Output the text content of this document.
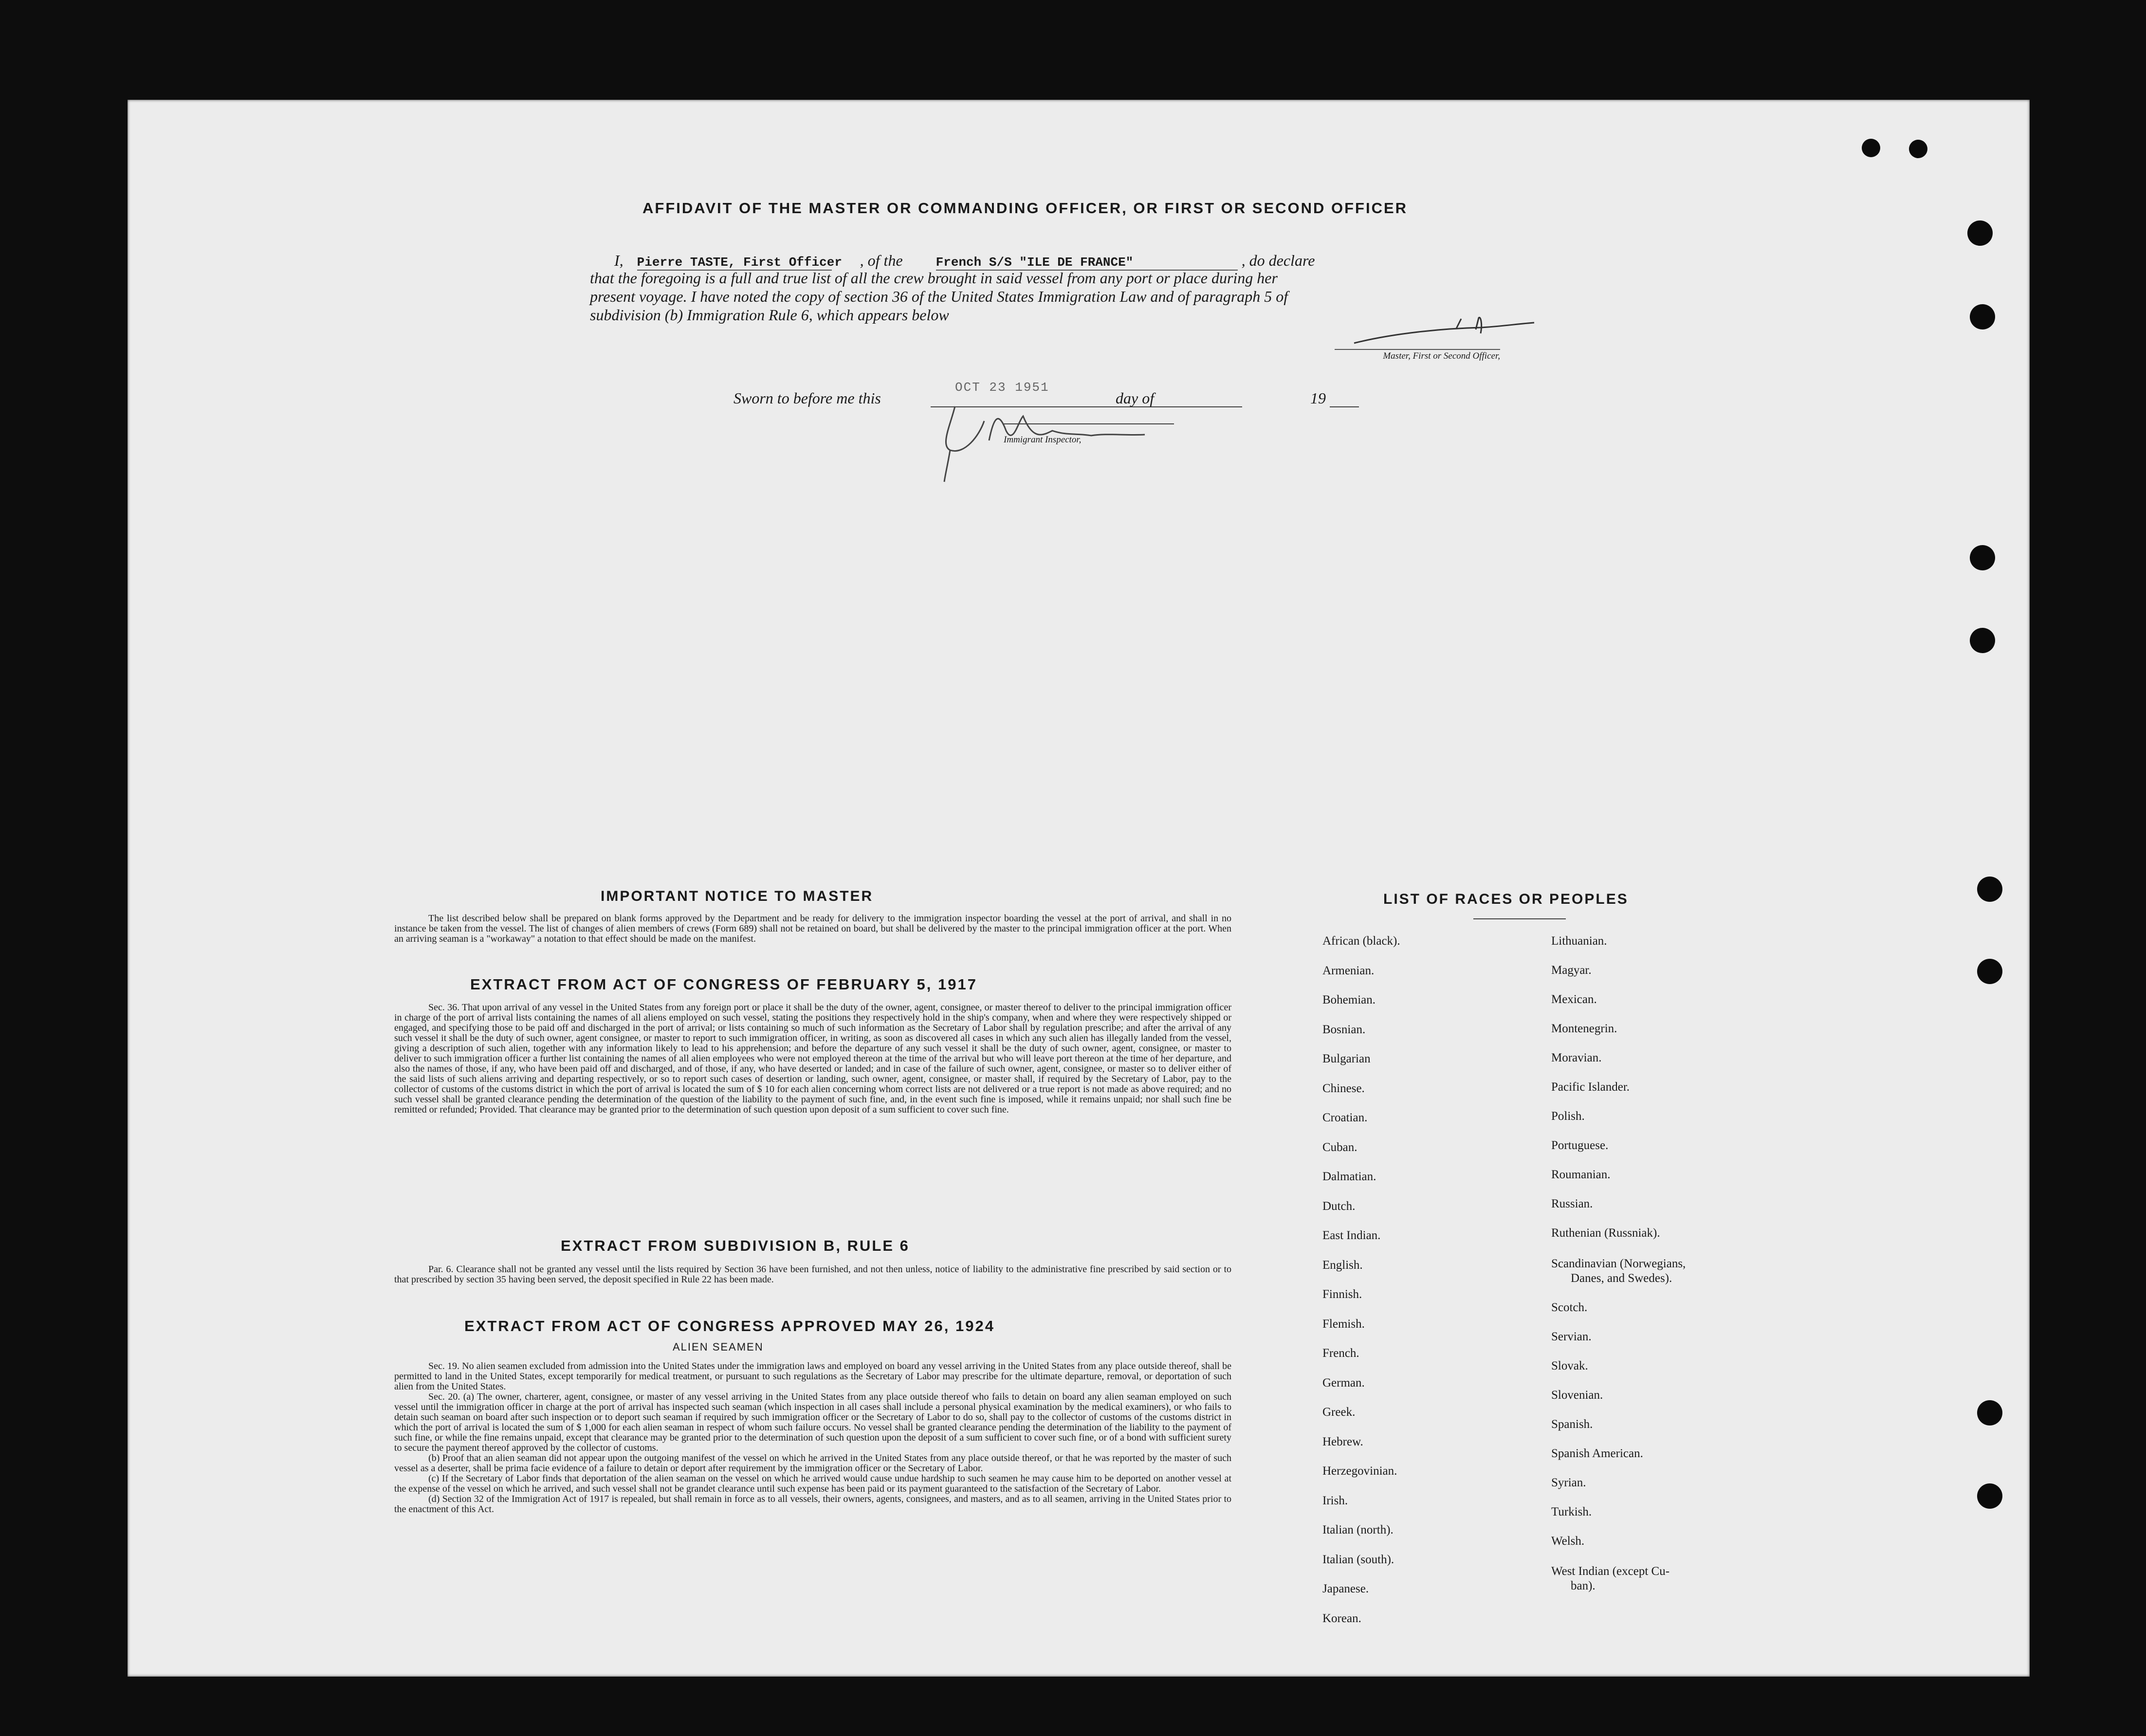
AFFIDAVIT OF THE MASTER OR COMMANDING OFFICER, OR FIRST OR SECOND OFFICER
I, Pierre TASTE, First Officer , of the	French S/S "ILE DE FRANCE"	, do declare
that the foregoing is a full and true list of all the crew brought in said vessel from any port or place during her
present voyage. I have noted the copy of section 36 of the United States Immigration Law and of paragraph 5 of
subdivision (b) Immigration Rule 6, which appears below
Master, First or Second Officer,
Sworn to before me this
OCT 23 1951
day of	19
Immigrant Inspector,
IMPORTANT NOTICE TO MASTER

The list described below shall be prepared on blank forms approved by the Department and be ready for delivery to the immigration inspector boarding the vessel at the port of arrival, and shall in no instance be taken from the vessel. The list of changes of alien members of crews (Form 689) shall not be retained on board, but shall be delivered by the master to the principal immigration officer at the port. When an arriving seaman is a "workaway" a notation to that effect should be made on the manifest.

EXTRACT FROM ACT OF CONGRESS OF FEBRUARY 5, 1917

Sec. 36. That upon arrival of any vessel in the United States from any foreign port or place it shall be the duty of the owner, agent, consignee, or master thereof to deliver to the principal immigration officer in charge of the port of arrival lists containing the names of all aliens employed on such vessel, stating the positions they respectively hold in the ship's company, when and where they were respectively shipped or engaged, and specifying those to be paid off and discharged in the port of arrival; or lists containing so much of such information as the Secretary of Labor shall by regulation prescribe; and after the arrival of any such vessel it shall be the duty of such owner, agent consignee, or master to report to such immigration officer, in writing, as soon as discovered all cases in which any such alien has illegally landed from the vessel, giving a description of such alien, together with any information likely to lead to his apprehension; and before the departure of any such vessel it shall be the duty of such owner, agent, consignee, or master to deliver to such immigration officer a further list containing the names of all alien employees who were not employed thereon at the time of the arrival but who will leave port thereon at the time of her departure, and also the names of those, if any, who have been paid off and discharged, and of those, if any, who have deserted or landed; and in case of the failure of such owner, agent, consignee, or master so to deliver either of the said lists of such aliens arriving and departing respectively, or so to report such cases of desertion or landing, such owner, agent, consignee, or master shall, if required by the Secretary of Labor, pay to the collector of customs of the customs district in which the port of arrival is located the sum of $ 10 for each alien concerning whom correct lists are not delivered or a true report is not made as above required; and no such vessel shall be granted clearance pending the determination of the question of the liability to the payment of such fine, and, in the event such fine is imposed, while it remains unpaid; nor shall such fine be remitted or refunded; Provided. That clearance may be granted prior to the determination of such question upon deposit of a sum sufficient to cover such fine.

EXTRACT FROM SUBDIVISION B, RULE 6

Par. 6. Clearance shall not be granted any vessel until the lists required by Section 36 have been furnished, and not then unless, notice of liability to the administrative fine prescribed by said section or to that prescribed by section 35 having been served, the deposit specified in Rule 22 has been made.

EXTRACT FROM ACT OF CONGRESS APPROVED MAY 26, 1924
ALIEN SEAMEN

Sec. 19. No alien seamen excluded from admission into the United States under the immigration laws and employed on board any vessel arriving in the United States from any place outside thereof, shall be permitted to land in the United States, except temporarily for medical treatment, or pursuant to such regulations as the Secretary of Labor may prescribe for the ultimate departure, removal, or deportation of such alien from the United States.

Sec. 20. (a) The owner, charterer, agent, consignee, or master of any vessel arriving in the United States from any place outside thereof who fails to detain on board any alien seaman employed on such vessel until the immigration officer in charge at the port of arrival has inspected such seaman (which inspection in all cases shall include a personal physical examination by the medical examiners), or who fails to detain such seaman on board after such inspection or to deport such seaman if required by such immigration officer or the Secretary of Labor to do so, shall pay to the collector of customs of the customs district in which the port of arrival is located the sum of $ 1,000 for each alien seaman in respect of whom such failure occurs. No vessel shall be granted clearance pending the determination of the liability to the payment of such fine, or while the fine remains unpaid, except that clearance may be granted prior to the determination of such question upon the deposit of a sum sufficient to cover such fine, or of a bond with sufficient surety to secure the payment thereof approved by the collector of customs.

(b) Proof that an alien seaman did not appear upon the outgoing manifest of the vessel on which he arrived in the United States from any place outside thereof, or that he was reported by the master of such vessel as a deserter, shall be prima facie evidence of a failure to detain or deport after requirement by the immigration officer or the Secretary of Labor.

(c) If the Secretary of Labor finds that deportation of the alien seaman on the vessel on which he arrived would cause undue hardship to such seamen he may cause him to be deported on another vessel at the expense of the vessel on which he arrived, and such vessel shall not be grandet clearance until such expense has been paid or its payment guaranteed to the satisfaction of the Secretary of Labor.

(d) Section 32 of the Immigration Act of 1917 is repealed, but shall remain in force as to all vessels, their owners, agents, consignees, and masters, and as to all seamen, arriving in the United States prior to the enactment of this Act.

LIST OF RACES OR PEOPLES
African (black).
Armenian.
Bohemian.
Bosnian.
Bulgarian
Chinese.
Croatian.
Cuban.
Dalmatian.
Dutch.
East Indian.
English.
Finnish.
Flemish.
French.
German.
Greek.
Hebrew.
Herzegovinian.
Irish.
Italian (north).
Italian (south).
Japanese.
Korean.
Lithuanian.
Magyar.
Mexican.
Montenegrin.
Moravian.
Pacific Islander.
Polish.
Portuguese.
Roumanian.
Russian.
Ruthenian (Russniak).
Scandinavian (Norwegians,
Danes, and Swedes).
Scotch.
Servian.
Slovak.
Slovenian.
Spanish.
Spanish American.
Syrian.
Turkish.
Welsh.
West Indian (except Cu-
ban).
